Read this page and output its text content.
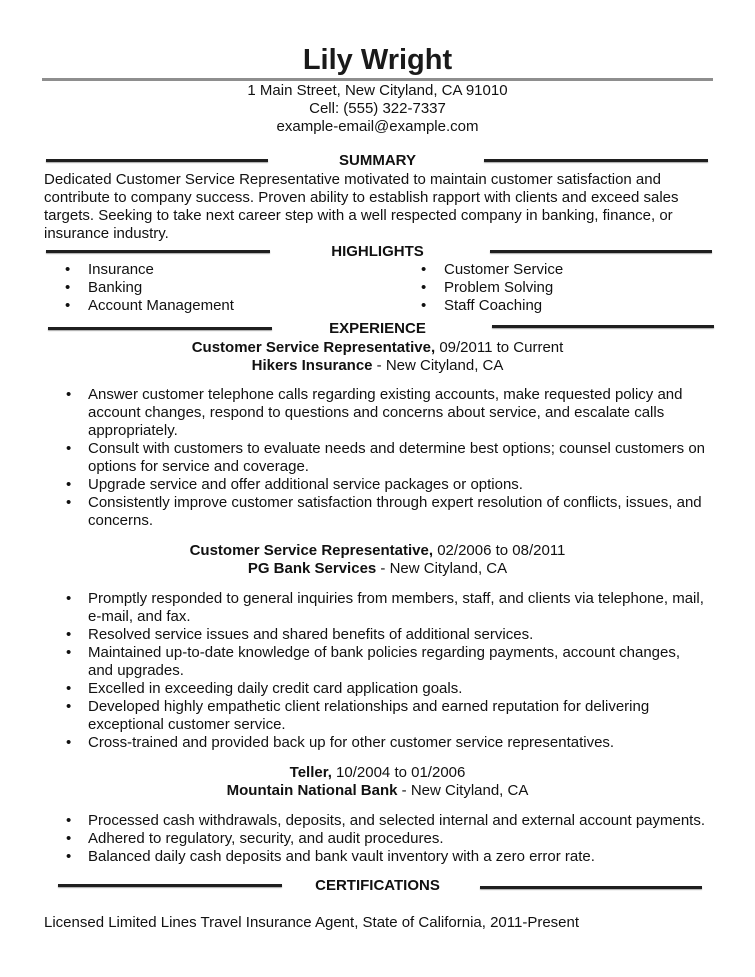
Lily Wright
1 Main Street, New Cityland, CA 91010
Cell: (555) 322-7337
example-email@example.com
SUMMARY
Dedicated Customer Service Representative motivated to maintain customer satisfaction and contribute to company success. Proven ability to establish rapport with clients and exceed sales targets. Seeking to take next career step with a well respected company in banking, finance, or insurance industry.
HIGHLIGHTS
• Insurance
• Banking
• Account Management
• Customer Service
• Problem Solving
• Staff Coaching
EXPERIENCE
Customer Service Representative, 09/2011 to Current
Hikers Insurance - New Cityland, CA
• Answer customer telephone calls regarding existing accounts, make requested policy and account changes, respond to questions and concerns about service, and escalate calls appropriately.
• Consult with customers to evaluate needs and determine best options; counsel customers on options for service and coverage.
• Upgrade service and offer additional service packages or options.
• Consistently improve customer satisfaction through expert resolution of conflicts, issues, and concerns.
Customer Service Representative, 02/2006 to 08/2011
PG Bank Services - New Cityland, CA
• Promptly responded to general inquiries from members, staff, and clients via telephone, mail, e-mail, and fax.
• Resolved service issues and shared benefits of additional services.
• Maintained up-to-date knowledge of bank policies regarding payments, account changes, and upgrades.
• Excelled in exceeding daily credit card application goals.
• Developed highly empathetic client relationships and earned reputation for delivering exceptional customer service.
• Cross-trained and provided back up for other customer service representatives.
Teller, 10/2004 to 01/2006
Mountain National Bank - New Cityland, CA
• Processed cash withdrawals, deposits, and selected internal and external account payments.
• Adhered to regulatory, security, and audit procedures.
• Balanced daily cash deposits and bank vault inventory with a zero error rate.
CERTIFICATIONS
Licensed Limited Lines Travel Insurance Agent, State of California, 2011-Present
